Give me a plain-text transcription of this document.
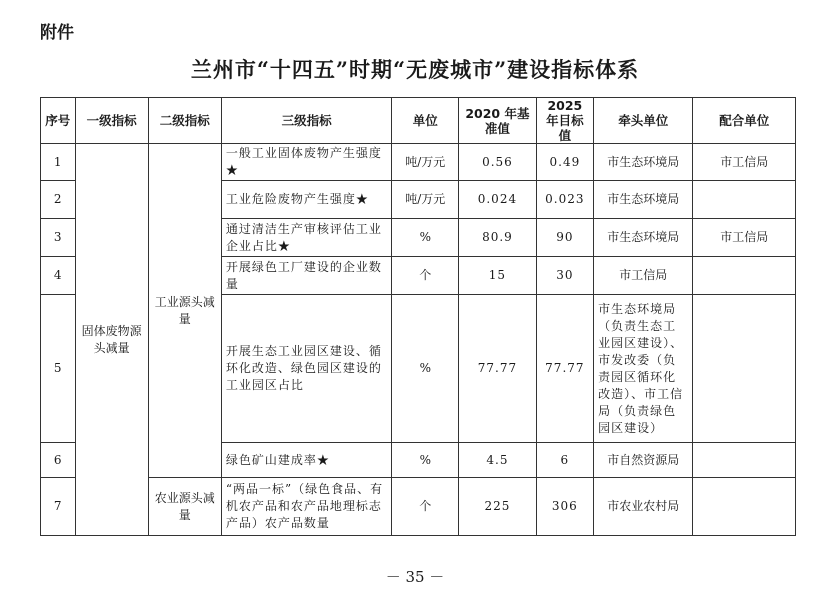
附件
兰州市“十四五”时期“无废城市”建设指标体系
序号	一级指标	二级指标	三级指标	单位	2020 年基准值	2025 年目标值	牵头单位	配合单位
1	固体废物源头减量	工业源头减量	一般工业固体废物产生强度★	吨/万元	0.56	0.49	市生态环境局	市工信局
2			工业危险废物产生强度★	吨/万元	0.024	0.023	市生态环境局	
3			通过清洁生产审核评估工业企业占比★	%	80.9	90	市生态环境局	市工信局
4			开展绿色工厂建设的企业数量	个	15	30	市工信局	
5			开展生态工业园区建设、循环化改造、绿色园区建设的工业园区占比	%	77.77	77.77	市生态环境局（负责生态工业园区建设）、市发改委（负责园区循环化改造）、市工信局（负责绿色园区建设）	
6			绿色矿山建成率★	%	4.5	6	市自然资源局	
7		农业源头减量	“两品一标”（绿色食品、有机农产品和农产品地理标志产品）农产品数量	个	225	306	市农业农村局	
－ 35 －
